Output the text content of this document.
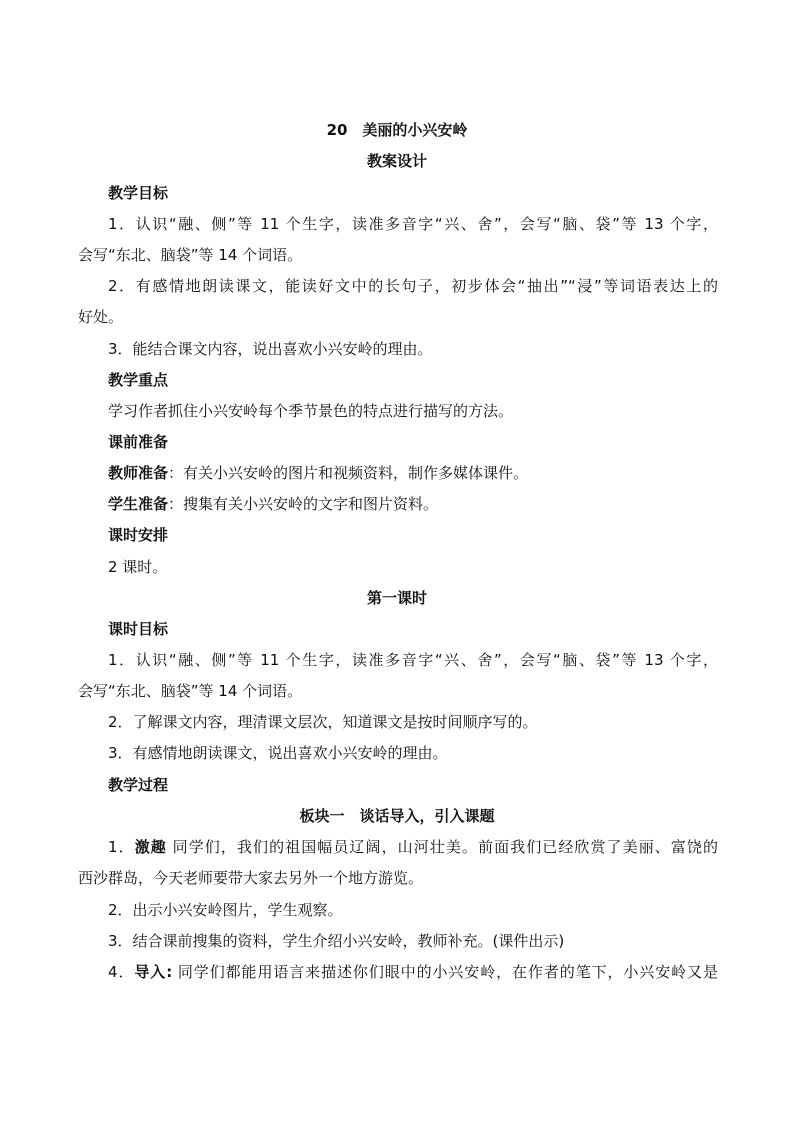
20　美丽的小兴安岭
教案设计
教学目标
1．认识“融、侧”等 11 个生字，读准多音字“兴、舍”，会写“脑、袋”等 13 个字，
会写“东北、脑袋”等 14 个词语。
2．有感情地朗读课文，能读好文中的长句子，初步体会“抽出”“浸”等词语表达上的
好处。
3．能结合课文内容，说出喜欢小兴安岭的理由。
教学重点
学习作者抓住小兴安岭每个季节景色的特点进行描写的方法。
课前准备
教师准备：有关小兴安岭的图片和视频资料，制作多媒体课件。
学生准备：搜集有关小兴安岭的文字和图片资料。
课时安排
2 课时。
第一课时
课时目标
1．认识“融、侧”等 11 个生字，读准多音字“兴、舍”，会写“脑、袋”等 13 个字，
会写“东北、脑袋”等 14 个词语。
2．了解课文内容，理清课文层次，知道课文是按时间顺序写的。
3．有感情地朗读课文，说出喜欢小兴安岭的理由。
教学过程
板块一　谈话导入，引入课题
1．激趣 同学们，我们的祖国幅员辽阔，山河壮美。前面我们已经欣赏了美丽、富饶的
西沙群岛，今天老师要带大家去另外一个地方游览。
2．出示小兴安岭图片，学生观察。
3．结合课前搜集的资料，学生介绍小兴安岭，教师补充。(课件出示)
4．导入: 同学们都能用语言来描述你们眼中的小兴安岭，在作者的笔下，小兴安岭又是
